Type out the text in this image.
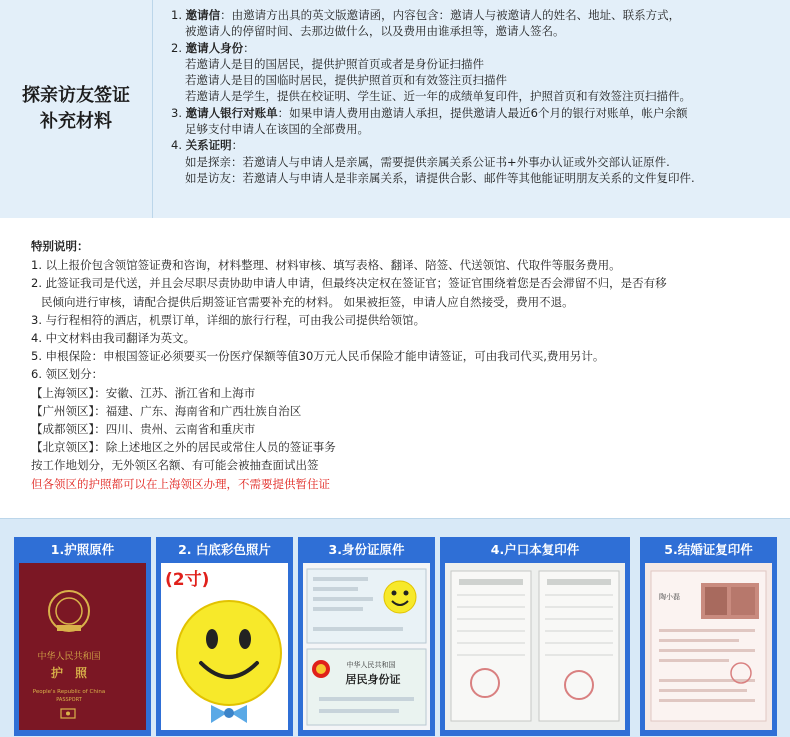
探亲访友签证
补充材料
1. 邀请信：由邀请方出具的英文版邀请函，内容包含：邀请人与被邀请人的姓名、地址、联系方式，
被邀请人的停留时间、去那边做什么，以及费用由谁承担等，邀请人签名。
2. 邀请人身份：
若邀请人是目的国居民，提供护照首页或者是身份证扫描件
若邀请人是目的国临时居民，提供护照首页和有效签注页扫描件
若邀请人是学生，提供在校证明、学生证、近一年的成绩单复印件，护照首页和有效签注页扫描件。
3. 邀请人银行对账单：如果申请人费用由邀请人承担，提供邀请人最近6个月的银行对账单，帐户余额
足够支付申请人在该国的全部费用。
4. 关系证明：
如是探亲：若邀请人与申请人是亲属，需要提供亲属关系公证书+外事办认证或外交部认证原件.
如是访友：若邀请人与申请人是非亲属关系，请提供合影、邮件等其他能证明朋友关系的文件复印件.
特别说明：
1. 以上报价包含领馆签证费和咨询，材料整理、材料审核、填写表格、翻译、陪签、代送领馆、代取件等服务费用。
2. 此签证我司是代送，并且会尽职尽责协助申请人申请，但最终决定权在签证官；签证官围绕着您是否会滞留不归，是否有移
民倾向进行审核，请配合提供后期签证官需要补充的材料。 如果被拒签，申请人应自然接受，费用不退。
3. 与行程相符的酒店，机票订单，详细的旅行行程，可由我公司提供给领馆。
4. 中文材料由我司翻译为英文。
5. 申根保险：申根国签证必须要买一份医疗保额等值30万元人民币保险才能申请签证，可由我司代买,费用另计。
6. 领区划分：
【上海领区】：安徽、江苏、浙江省和上海市
【广州领区】：福建、广东、海南省和广西壮族自治区
【成都领区】：四川、贵州、云南省和重庆市
【北京领区】：除上述地区之外的居民或常住人员的签证事务
按工作地划分，无外领区名额、有可能会被抽查面试出签
但各领区的护照都可以在上海领区办理，不需要提供暂住证
1.护照原件
中华人民共和国
护　照
People's Republic of China
PASSPORT
2. 白底彩色照片
(2寸)
3.身份证原件
中华人民共和国
居民身份证
4.户口本复印件	5.结婚证复印件
陶小磊
